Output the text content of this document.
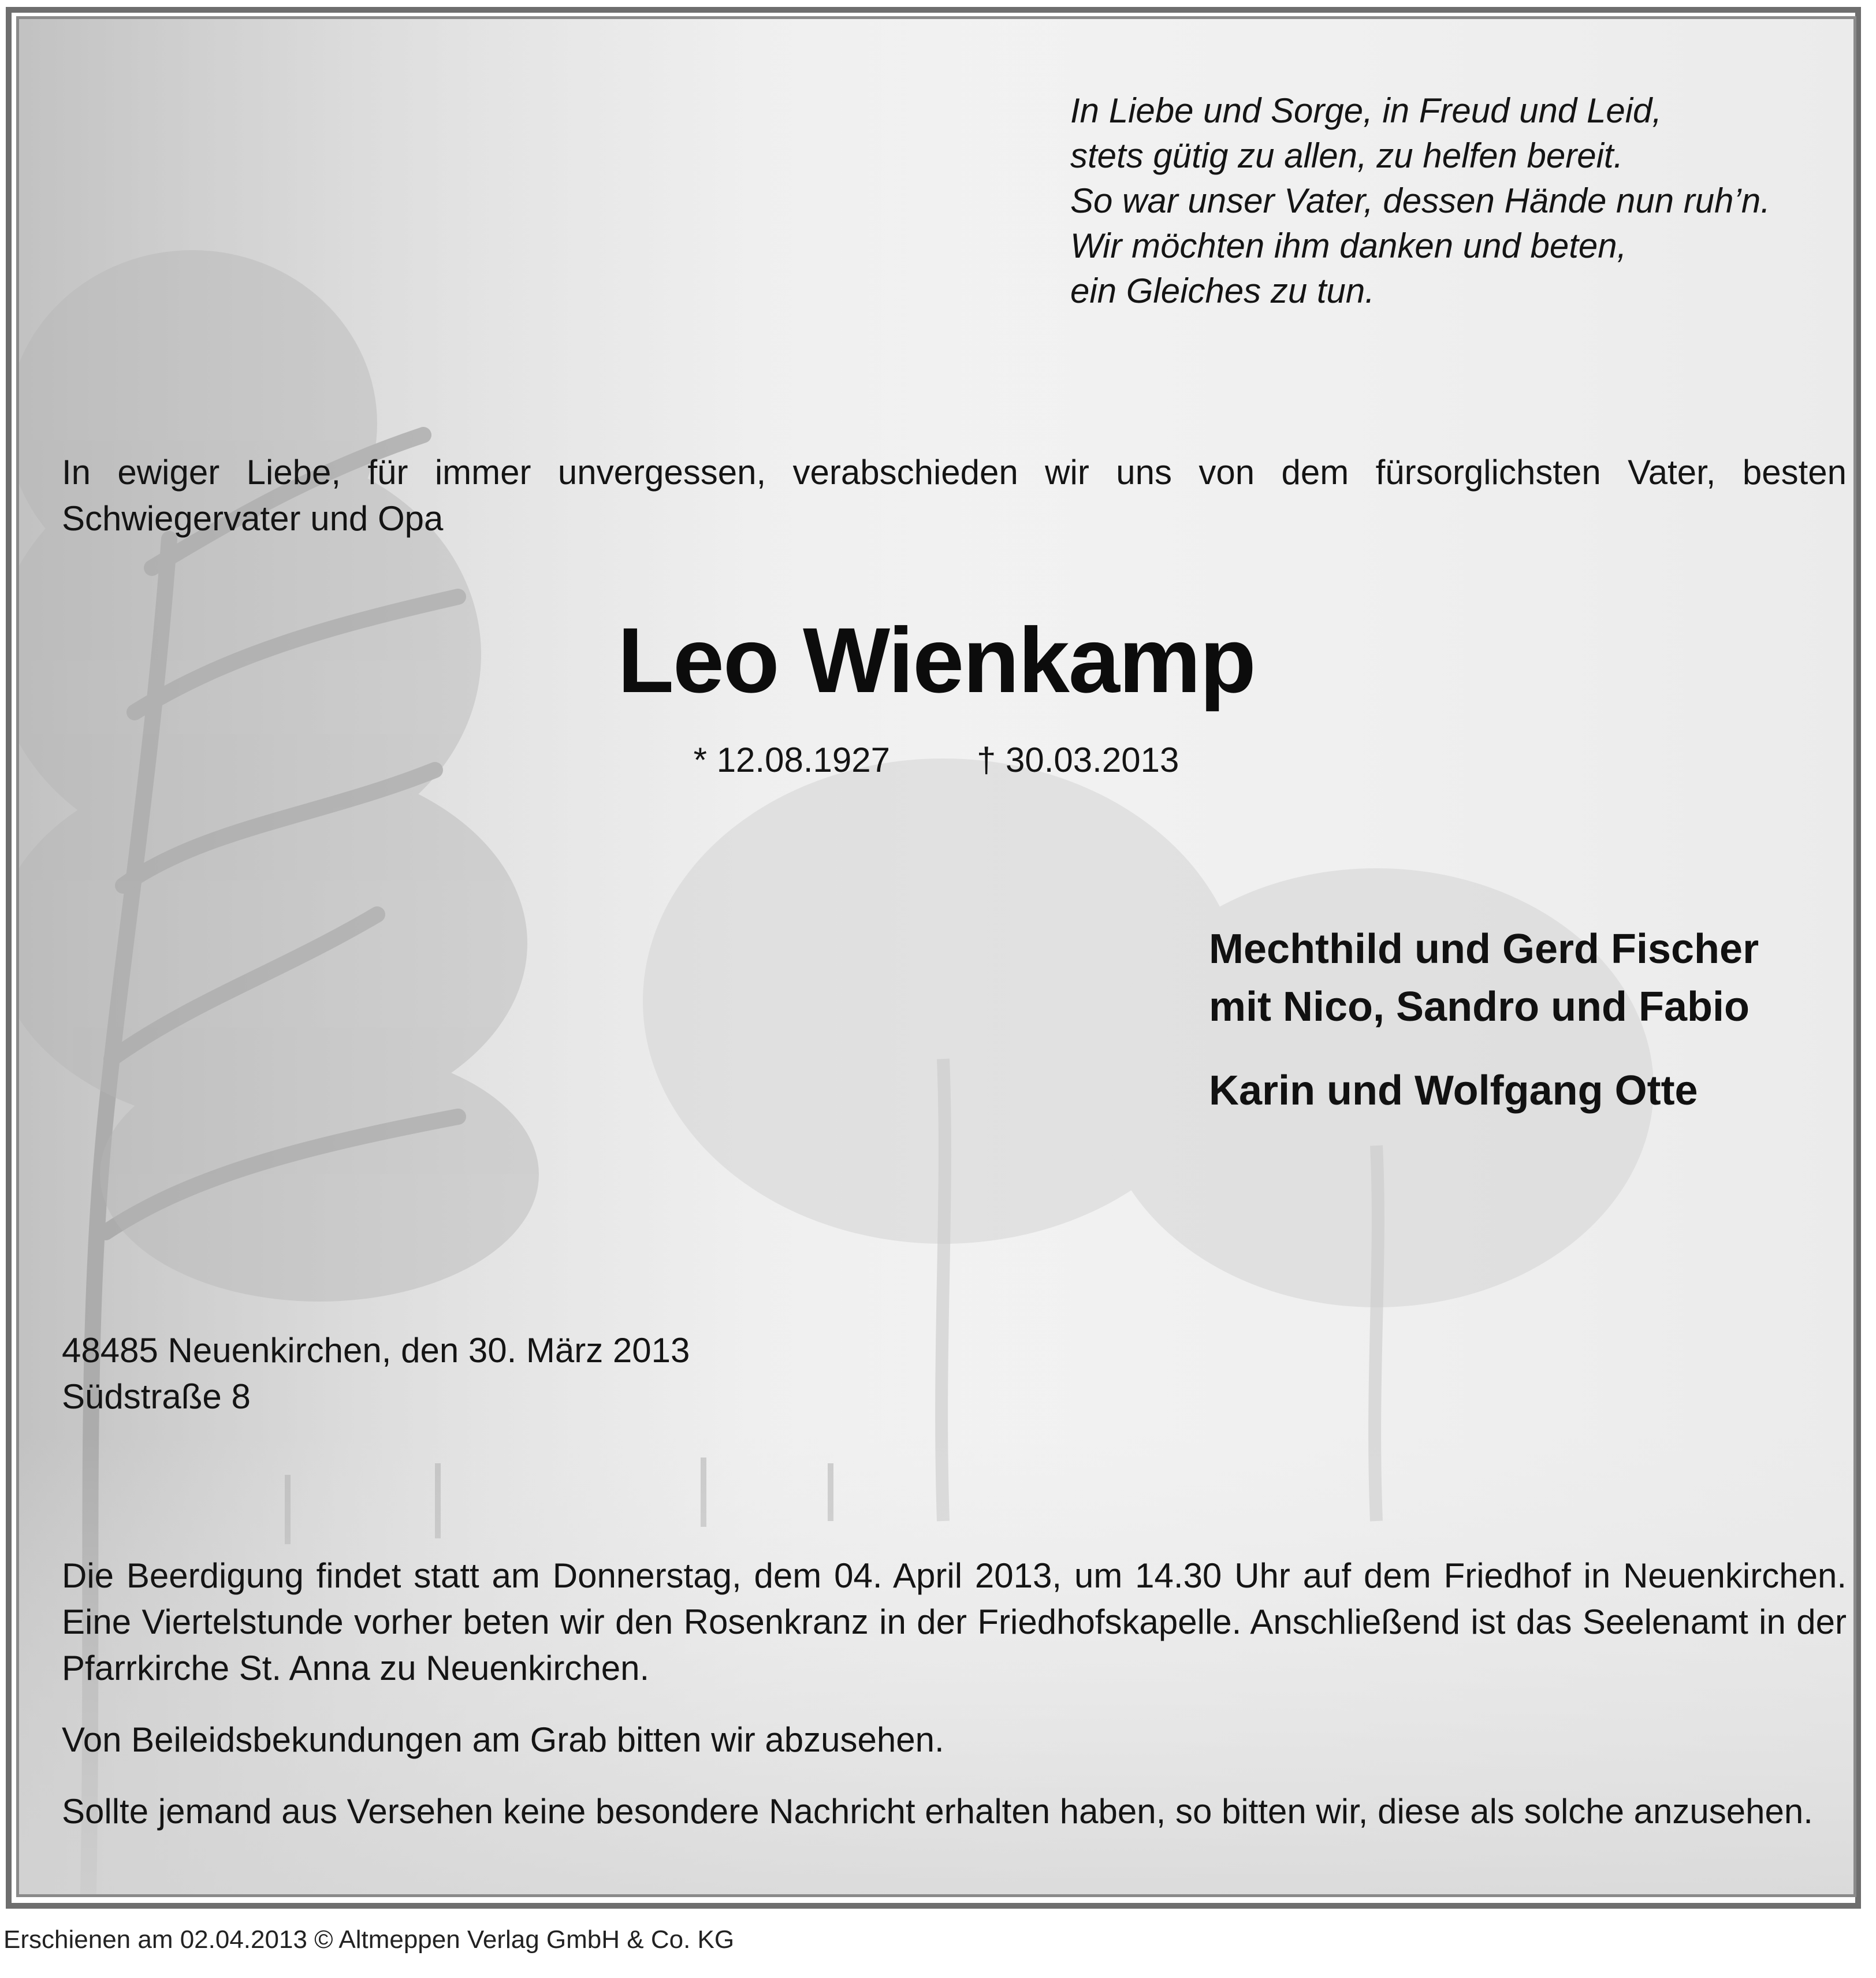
In Liebe und Sorge, in Freud und Leid,
stets gütig zu allen, zu helfen bereit.
So war unser Vater, dessen Hände nun ruh’n.
Wir möchten ihm danken und beten,
ein Gleiches zu tun.
In ewiger Liebe, für immer unvergessen, verabschieden wir uns von dem fürsorglichsten Vater, besten Schwiegervater und Opa
Leo Wienkamp
* 12.08.1927	† 30.03.2013
Mechthild und Gerd Fischer
mit Nico, Sandro und Fabio
Karin und Wolfgang Otte
48485 Neuenkirchen, den 30. März 2013
Südstraße 8

Die Beerdigung findet statt am Donnerstag, dem 04. April 2013, um 14.30 Uhr auf dem Friedhof in Neuenkirchen. Eine Viertelstunde vorher beten wir den Rosenkranz in der Friedhofskapelle. Anschließend ist das Seelenamt in der Pfarrkirche St. Anna zu Neuenkirchen.

Von Beileidsbekundungen am Grab bitten wir abzusehen.

Sollte jemand aus Versehen keine besondere Nachricht erhalten haben, so bitten wir, diese als solche anzusehen.

Erschienen am 02.04.2013 © Altmeppen Verlag GmbH & Co. KG
